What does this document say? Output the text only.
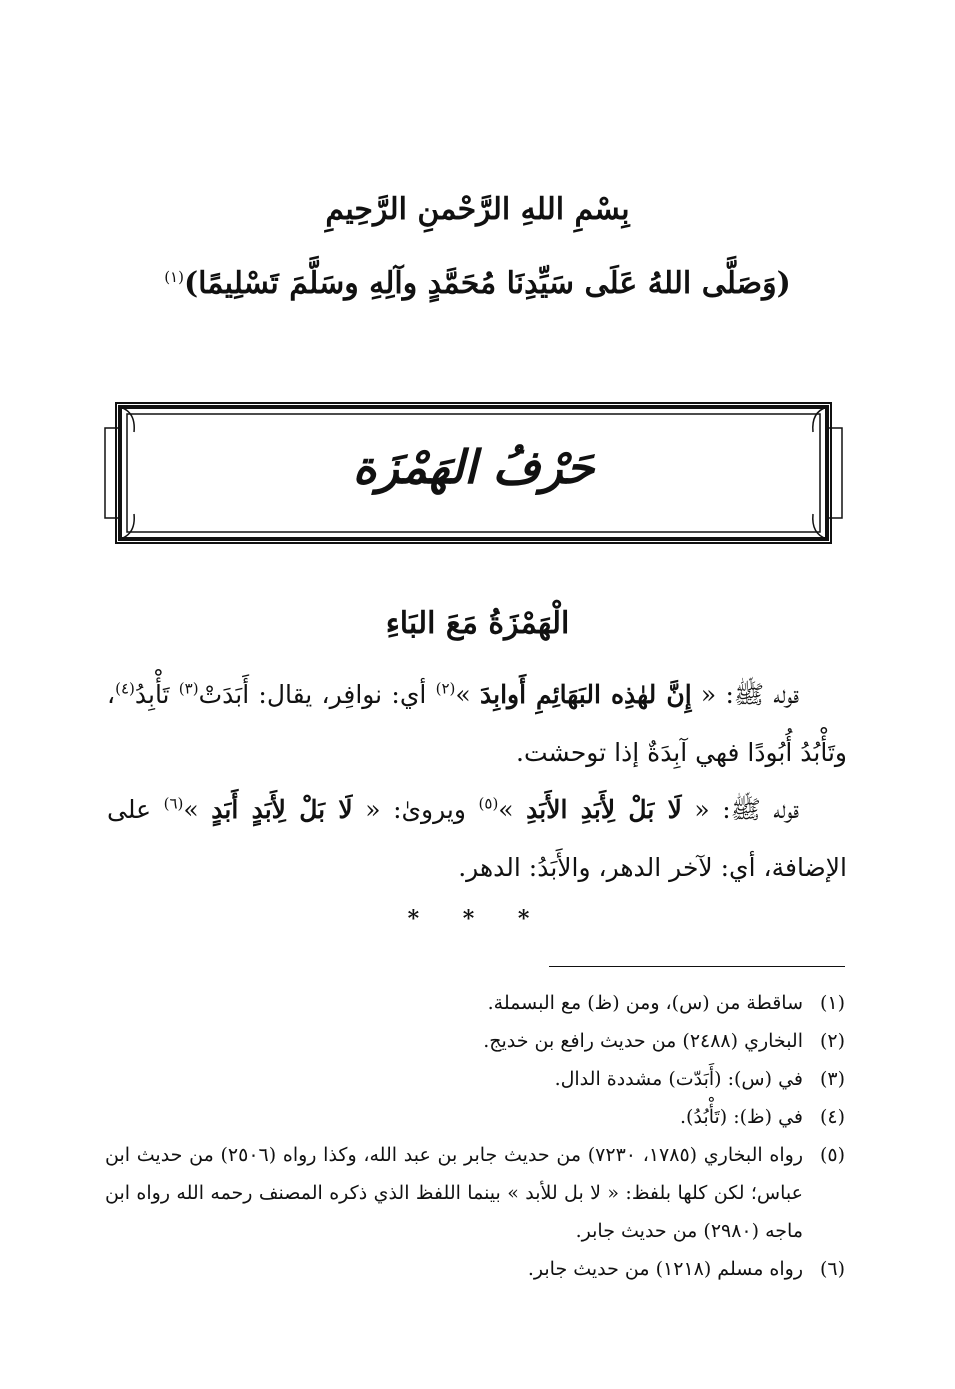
بِسْمِ اللهِ الرَّحْمنِ الرَّحِيمِ
(وَصَلَّى اللهُ عَلَى سَيِّدِنَا مُحَمَّدٍ وآلِهِ وسَلَّمَ تَسْلِيمًا)$^{(١)}$
حَرْفُ الهَمْزَة
الْهَمْزَةُ مَعَ البَاءِ
قوله ﷺ: « إِنَّ لهٰذِه البَهَائِمِ أَوابِدَ »$^{(٢)}$ أي: نوافِر، يقال: أَبَدَتْ$^{(٣)}$ تَأْبِدُ$^{(٤)}$، وتَأْبُدُ أُبُودًا فهي آبِدَةٌ إذا توحشت.
قوله ﷺ: « لَا بَلْ لِأَبَدِ الأَبَدِ »$^{(٥)}$ ويروىٰ: « لَا بَلْ لِأَبَدٍ أَبَدٍ »$^{(٦)}$ على الإضافة، أي: لآخر الدهر، والأَبَدُ: الدهر.
* * *
(١)
ساقطة من (س)، ومن (ظ) مع البسملة.
(٢)
البخاري (٢٤٨٨) من حديث رافع بن خديج.
(٣)
في (س): (أَبَدّت) مشددة الدال.
(٤)
في (ظ): (تَأْبُدُ).
(٥)
رواه البخاري (١٧٨٥، ٧٢٣٠) من حديث جابر بن عبد الله، وكذا رواه (٢٥٠٦) من حديث ابن عباس؛ لكن كلها بلفظ: « لا بل للأبد » بينما اللفظ الذي ذكره المصنف رحمه الله رواه ابن ماجه (٢٩٨٠) من حديث جابر.
(٦)
رواه مسلم (١٢١٨) من حديث جابر.
